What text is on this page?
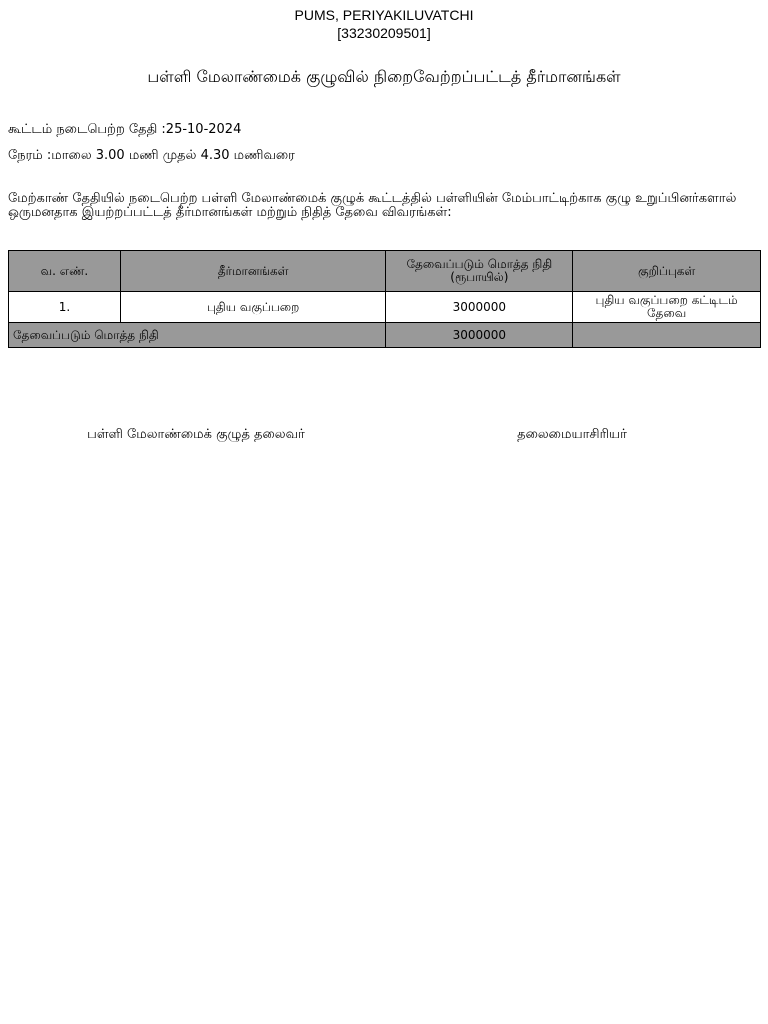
PUMS, PERIYAKILUVATCHI
[33230209501]
பள்ளி மேலாண்மைக் குழுவில் நிறைவேற்றப்பட்டத் தீர்மானங்கள்
கூட்டம் நடைபெற்ற தேதி :25-10-2024
நேரம் :மாலை 3.00 மணி முதல் 4.30 மணிவரை
மேற்காண் தேதியில் நடைபெற்ற பள்ளி மேலாண்மைக் குழுக் கூட்டத்தில் பள்ளியின் மேம்பாட்டிற்காக குழு உறுப்பினர்களால் ஒருமனதாக இயற்றப்பட்டத் தீர்மானங்கள் மற்றும் நிதித் தேவை விவரங்கள்:
வ. எண்.	தீர்மானங்கள்	தேவைப்படும் மொத்த நிதி (ரூபாயில்)	குறிப்புகள்
1.	புதிய வகுப்பறை	3000000	புதிய வகுப்பறை கட்டிடம் தேவை
தேவைப்படும் மொத்த நிதி		3000000	
பள்ளி மேலாண்மைக் குழுத் தலைவர்	தலைமையாசிரியர்
